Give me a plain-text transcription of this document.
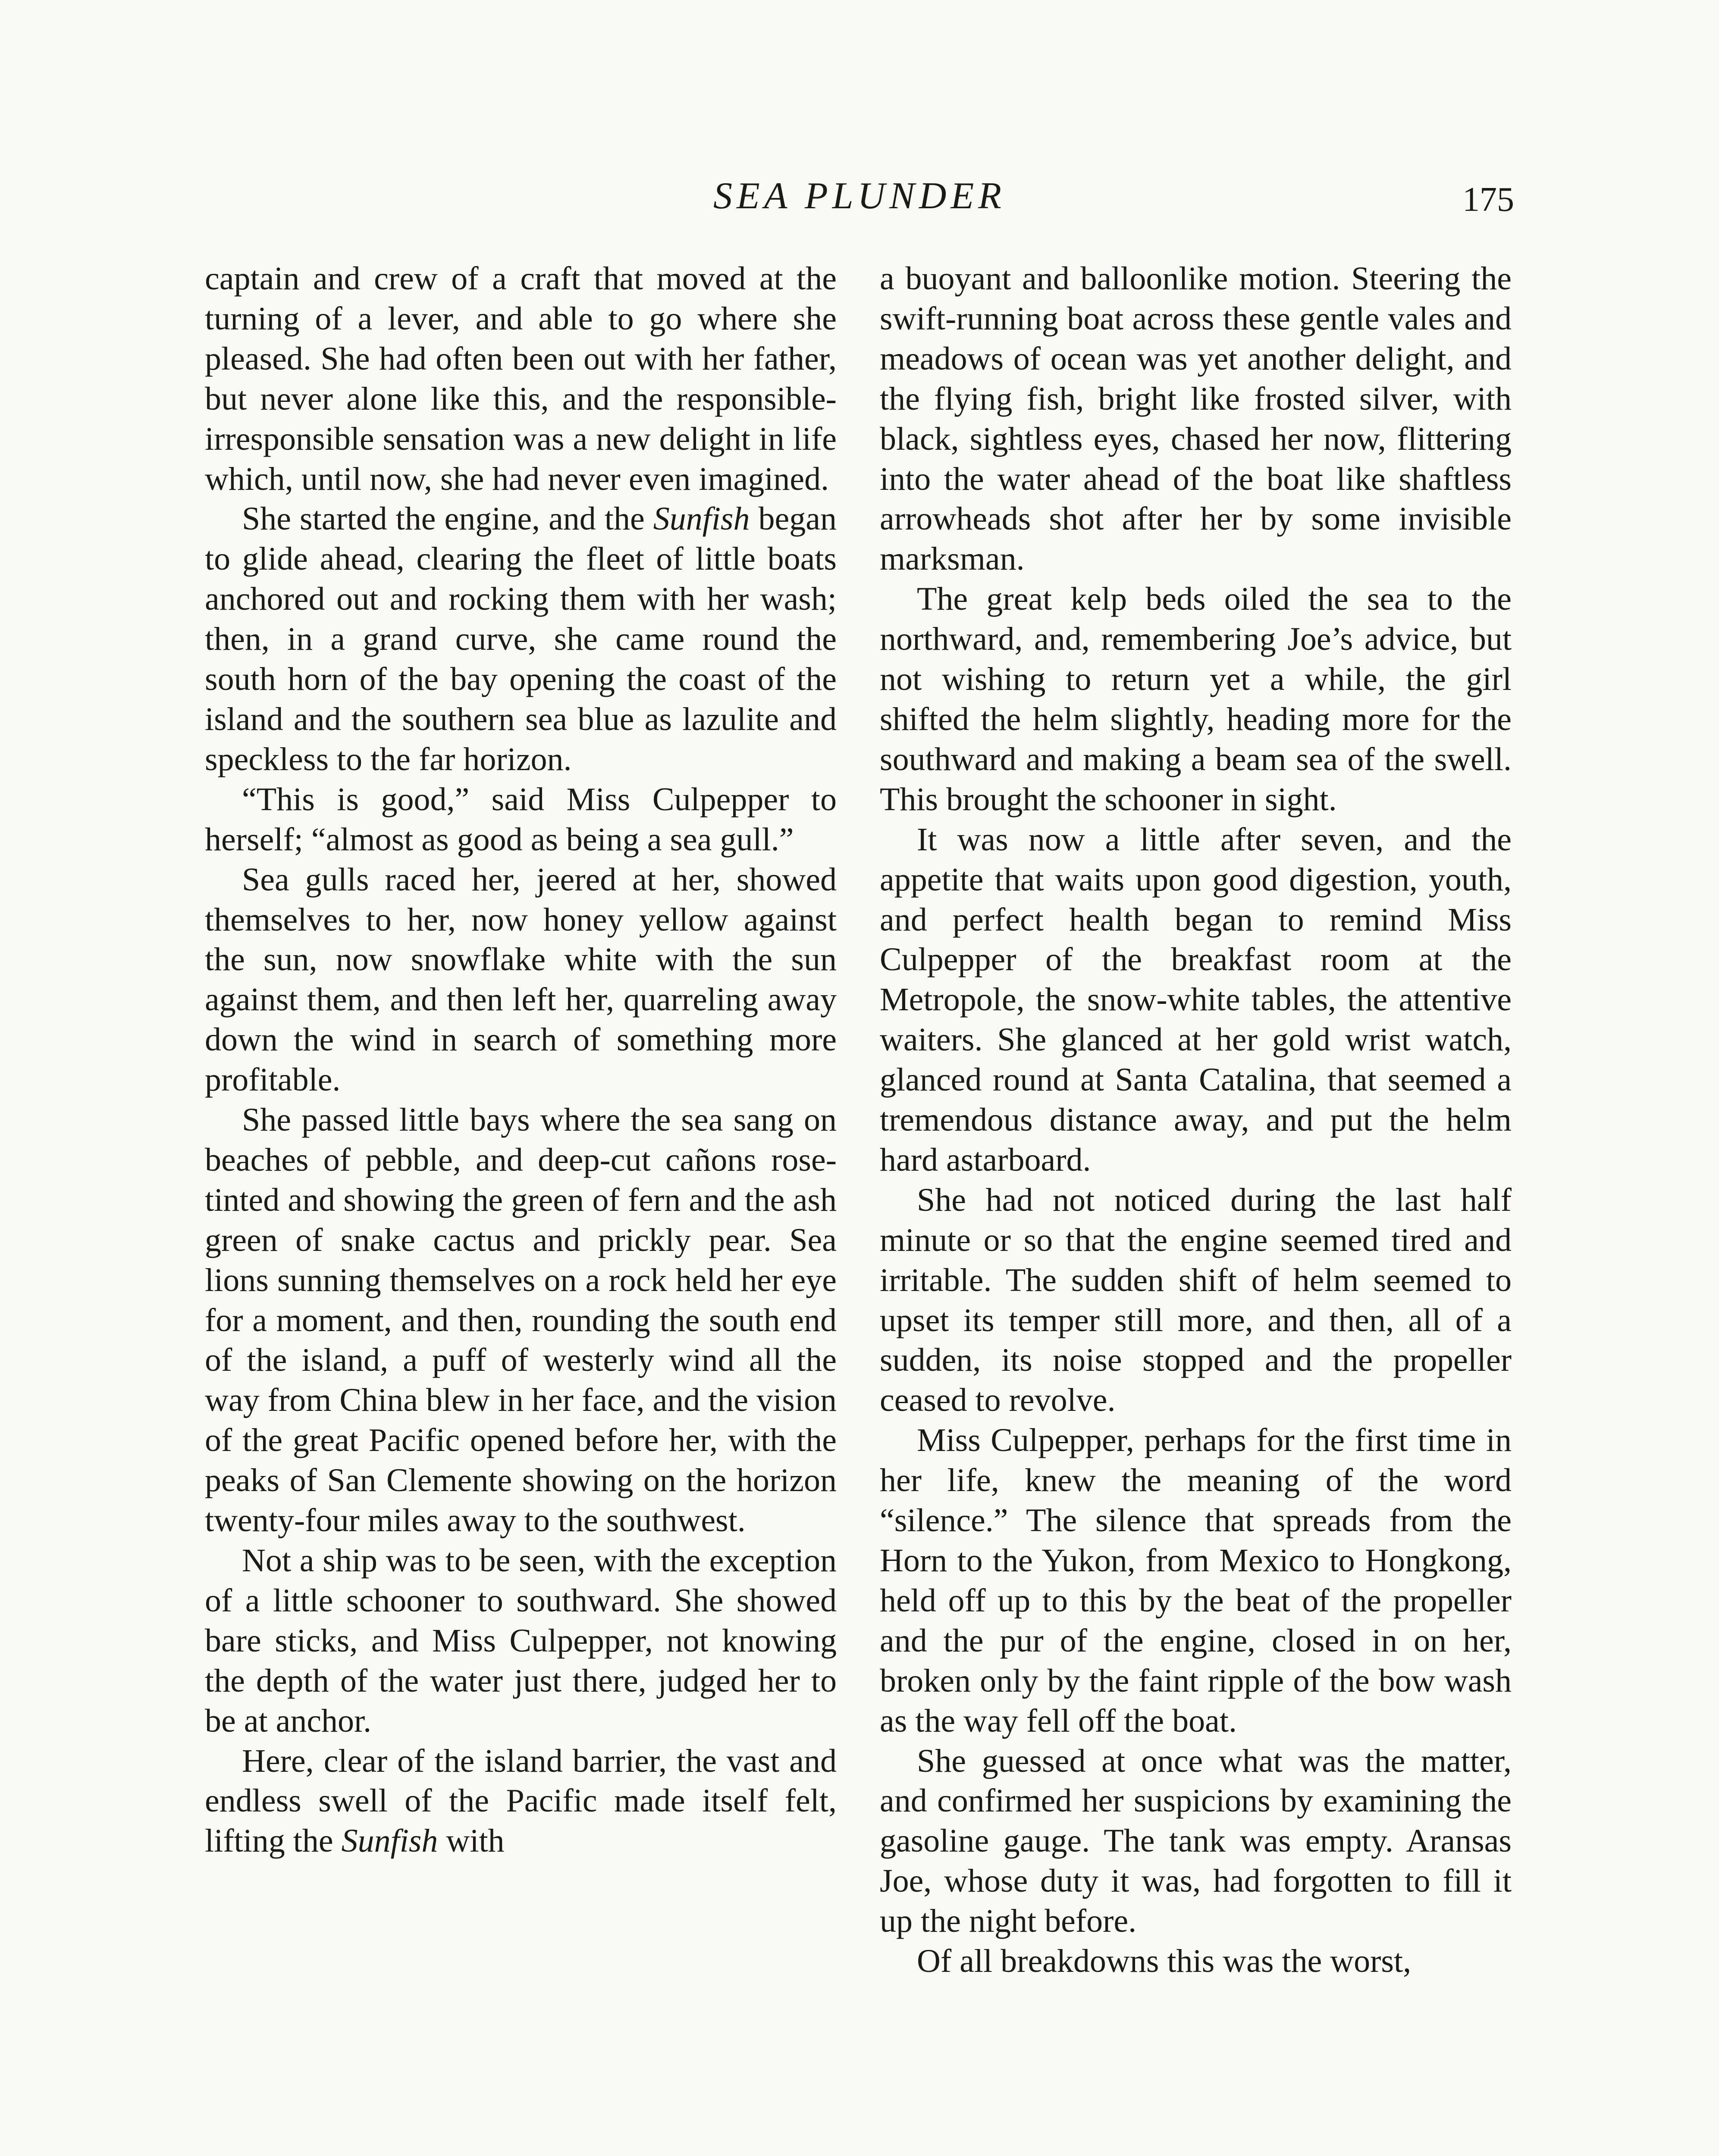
SEA PLUNDER	175

captain and crew of a craft that moved at the turning of a lever, and able to go where she pleased. She had often been out with her father, but never alone like this, and the responsible-irresponsible sensation was a new delight in life which, until now, she had never even imagined.

She started the engine, and the Sunfish began to glide ahead, clearing the fleet of little boats anchored out and rocking them with her wash; then, in a grand curve, she came round the south horn of the bay opening the coast of the island and the southern sea blue as lazulite and speckless to the far horizon.

“This is good,” said Miss Culpepper to herself; “almost as good as being a sea gull.”

Sea gulls raced her, jeered at her, showed themselves to her, now honey yellow against the sun, now snowflake white with the sun against them, and then left her, quarreling away down the wind in search of something more profitable.

She passed little bays where the sea sang on beaches of pebble, and deep-cut cañons rose-tinted and showing the green of fern and the ash green of snake cactus and prickly pear. Sea lions sunning themselves on a rock held her eye for a moment, and then, rounding the south end of the island, a puff of westerly wind all the way from China blew in her face, and the vision of the great Pacific opened before her, with the peaks of San Clemente showing on the horizon twenty-four miles away to the southwest.

Not a ship was to be seen, with the exception of a little schooner to southward. She showed bare sticks, and Miss Culpepper, not knowing the depth of the water just there, judged her to be at anchor.

Here, clear of the island barrier, the vast and endless swell of the Pacific made itself felt, lifting the Sunfish with

a buoyant and balloonlike motion. Steering the swift-running boat across these gentle vales and meadows of ocean was yet another delight, and the flying fish, bright like frosted silver, with black, sightless eyes, chased her now, flittering into the water ahead of the boat like shaftless arrowheads shot after her by some invisible marksman.

The great kelp beds oiled the sea to the northward, and, remembering Joe’s advice, but not wishing to return yet a while, the girl shifted the helm slightly, heading more for the southward and making a beam sea of the swell. This brought the schooner in sight.

It was now a little after seven, and the appetite that waits upon good digestion, youth, and perfect health began to remind Miss Culpepper of the breakfast room at the Metropole, the snow-white tables, the attentive waiters. She glanced at her gold wrist watch, glanced round at Santa Catalina, that seemed a tremendous distance away, and put the helm hard astarboard.

She had not noticed during the last half minute or so that the engine seemed tired and irritable. The sudden shift of helm seemed to upset its temper still more, and then, all of a sudden, its noise stopped and the propeller ceased to revolve.

Miss Culpepper, perhaps for the first time in her life, knew the meaning of the word “silence.” The silence that spreads from the Horn to the Yukon, from Mexico to Hongkong, held off up to this by the beat of the propeller and the pur of the engine, closed in on her, broken only by the faint ripple of the bow wash as the way fell off the boat.

She guessed at once what was the matter, and confirmed her suspicions by examining the gasoline gauge. The tank was empty. Aransas Joe, whose duty it was, had forgotten to fill it up the night before.

Of all breakdowns this was the worst,
